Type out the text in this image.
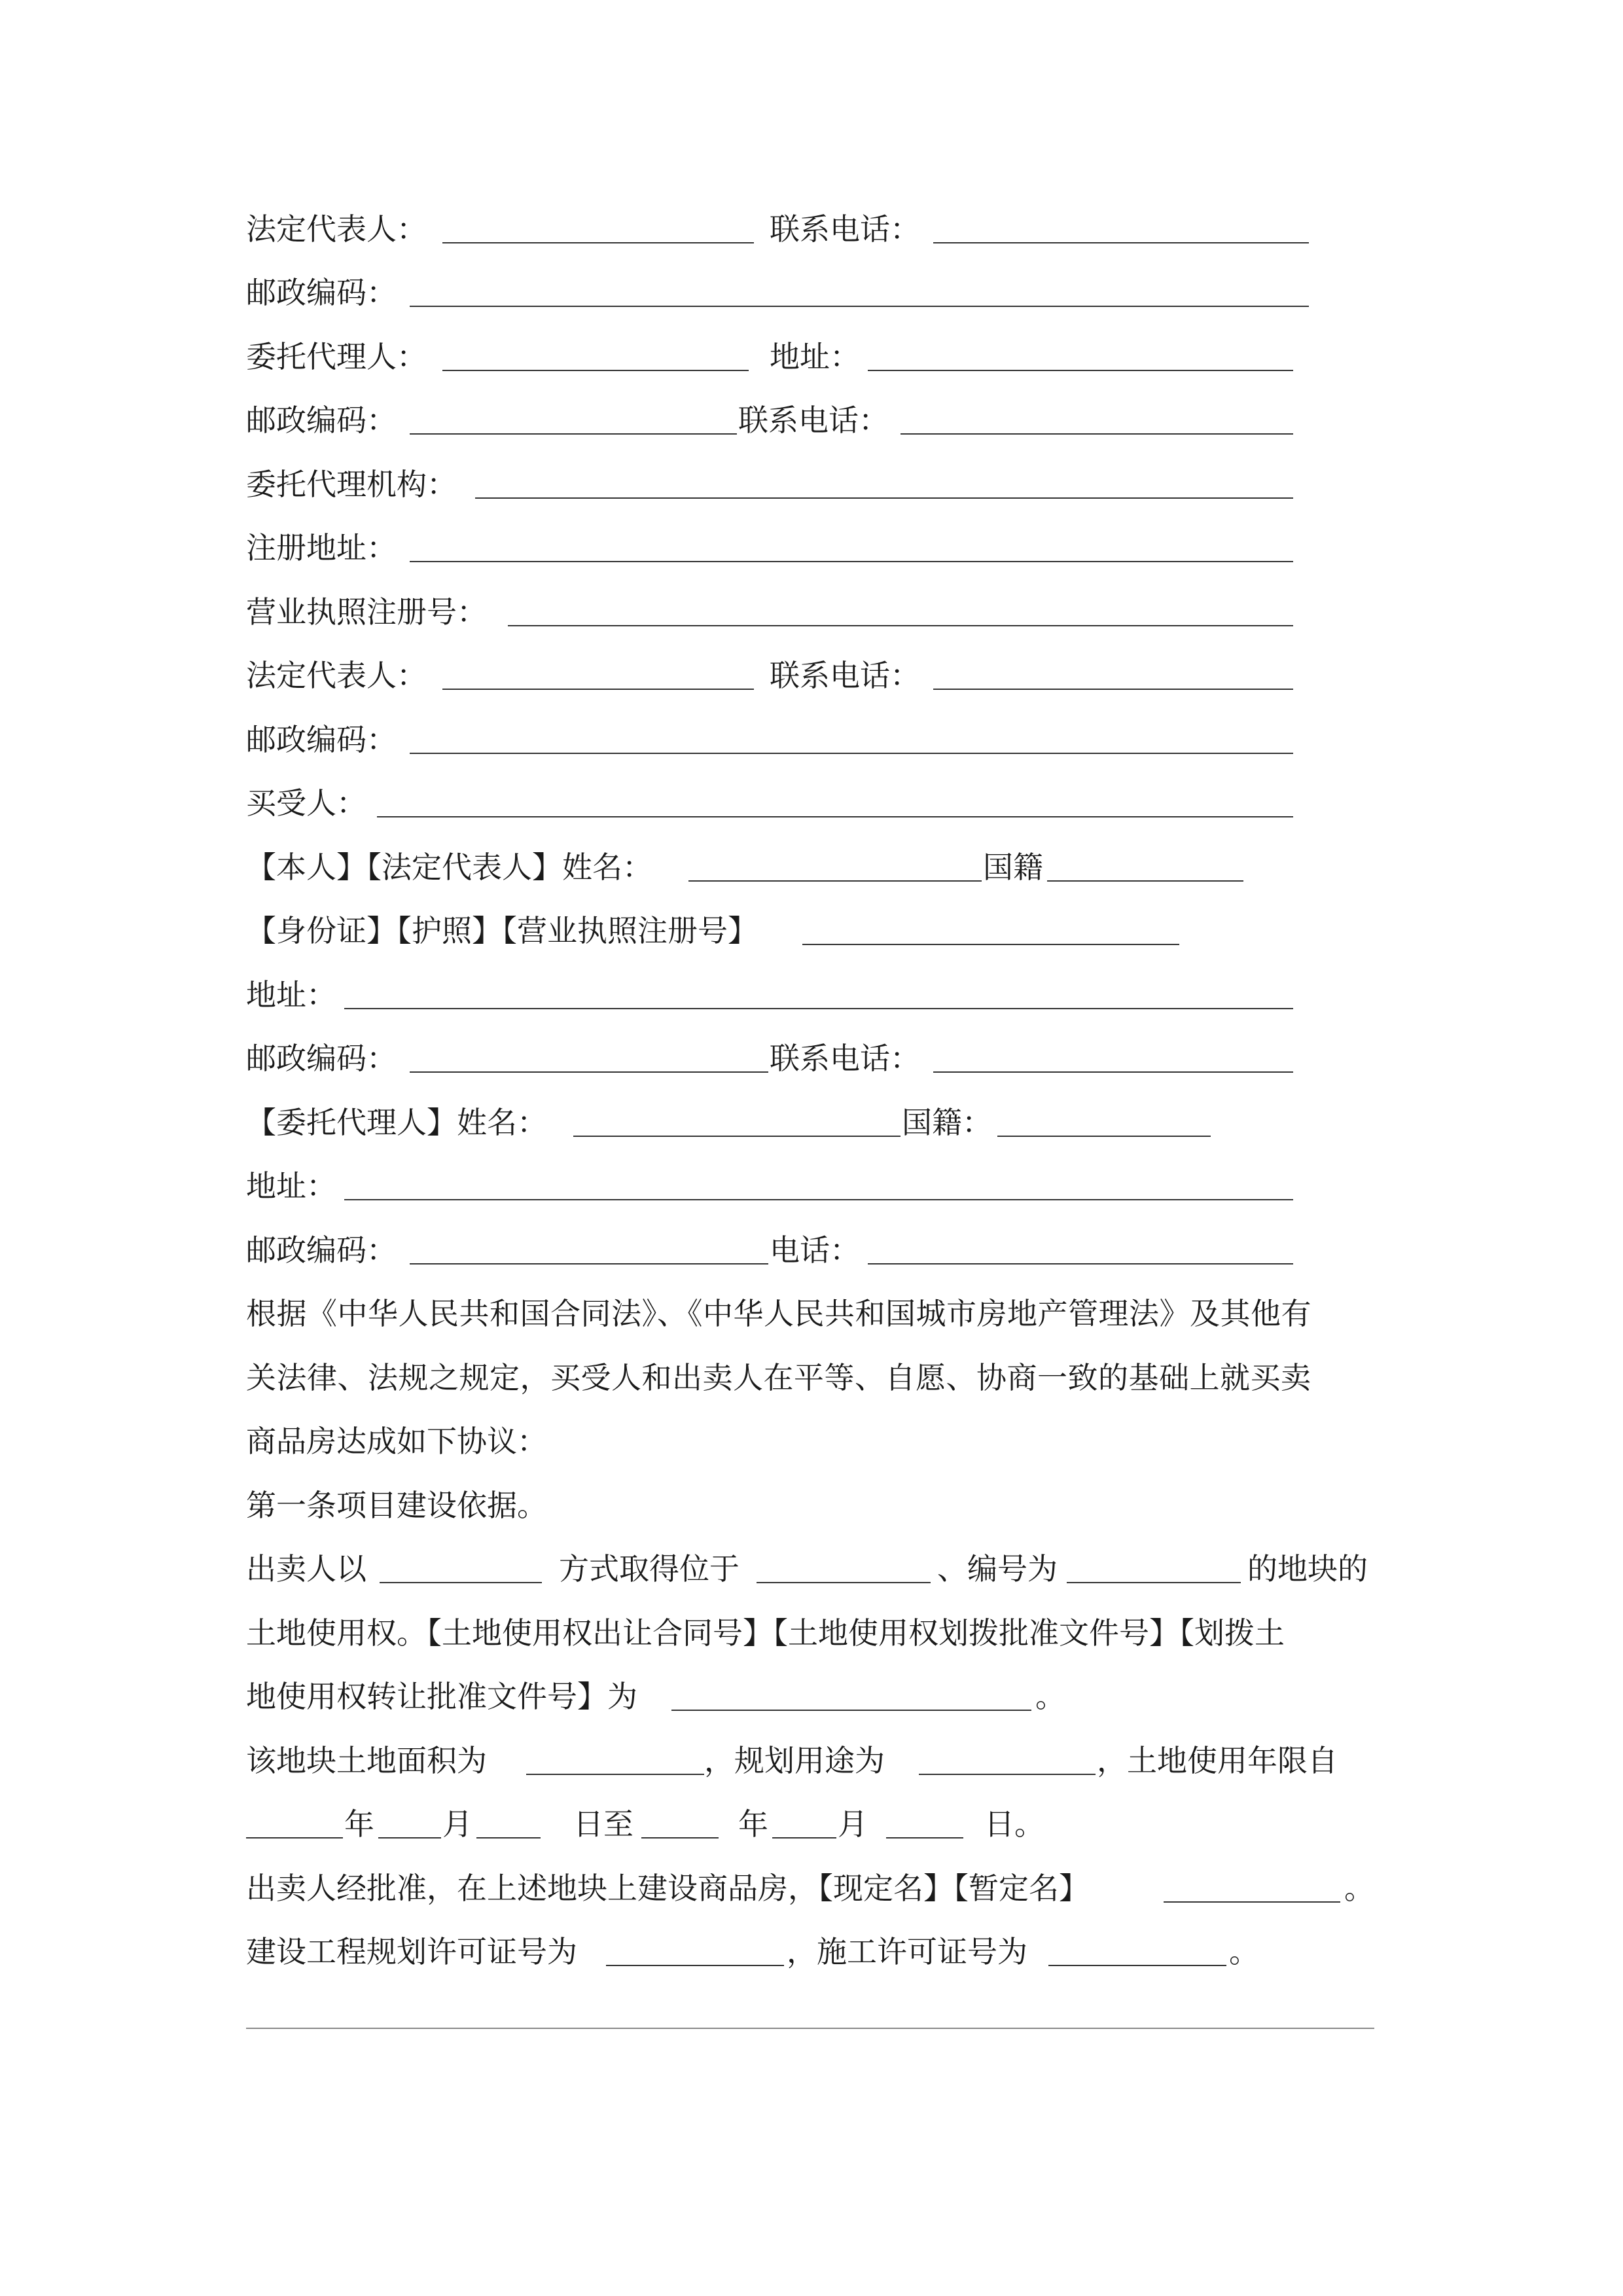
法定代表人：	联系电话：
邮政编码：
委托代理人：	地址：
邮政编码：	联系电话：
委托代理机构：
注册地址：
营业执照注册号：
法定代表人：	联系电话：
邮政编码：
买受人：
【本人】【法定代表人】姓名：	国籍
【身份证】【护照】【营业执照注册号】
地址：
邮政编码：	联系电话：
【委托代理人】姓名：	国籍：
地址：
邮政编码：	电话：
根据《中华人民共和国合同法》、《中华人民共和国城市房地产管理法》及其他有
关法律、法规之规定，买受人和出卖人在平等、自愿、协商一致的基础上就买卖
商品房达成如下协议：
第一条项目建设依据。
出卖人以	方式取得位于	、编号为	的地块的
土地使用权。【土地使用权出让合同号】【土地使用权划拨批准文件号】【划拨土
地使用权转让批准文件号】为	。
该地块土地面积为	，规划用途为	，土地使用年限自
年 月	日至	年 月	日。
出卖人经批准，在上述地块上建设商品房，【现定名】【暂定名】	。
建设工程规划许可证号为	，施工许可证号为	。
